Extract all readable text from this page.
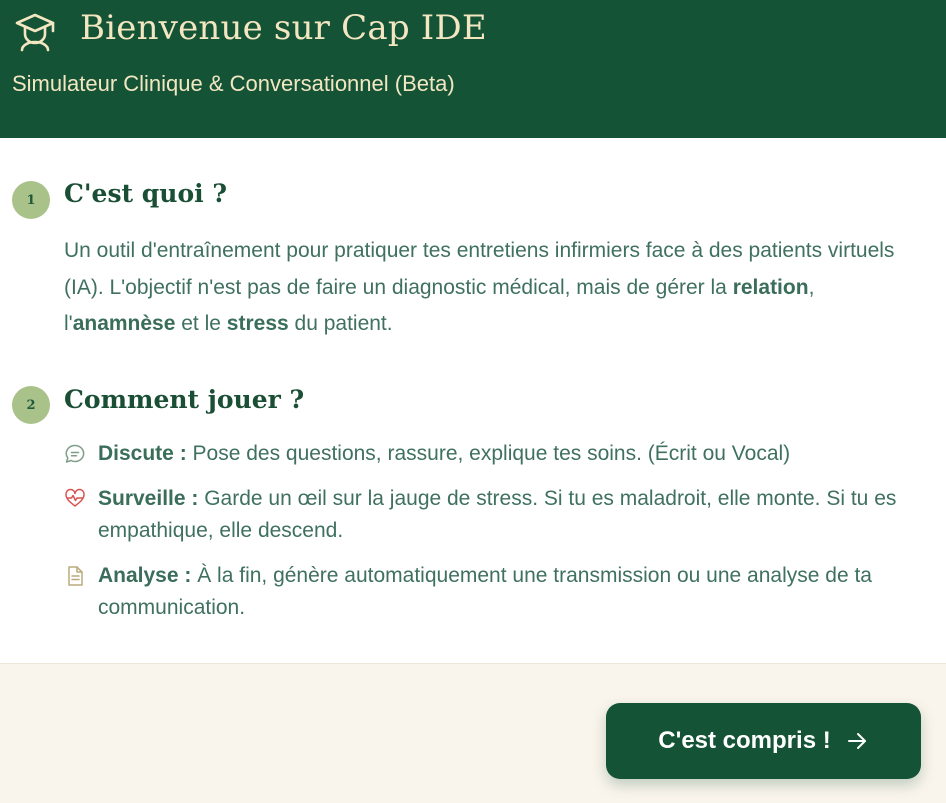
Bienvenue sur Cap IDE
Simulateur Clinique & Conversationnel (Beta)
1	C'est quoi ?
Un outil d'entraînement pour pratiquer tes entretiens infirmiers face à des patients virtuels (IA). L'objectif n'est pas de faire un diagnostic médical, mais de gérer la relation, l'anamnèse et le stress du patient.
2	Comment jouer ?
Discute : Pose des questions, rassure, explique tes soins. (Écrit ou Vocal)
Surveille : Garde un œil sur la jauge de stress. Si tu es maladroit, elle monte. Si tu es empathique, elle descend.
Analyse : À la fin, génère automatiquement une transmission ou une analyse de ta communication.
C'est compris !
